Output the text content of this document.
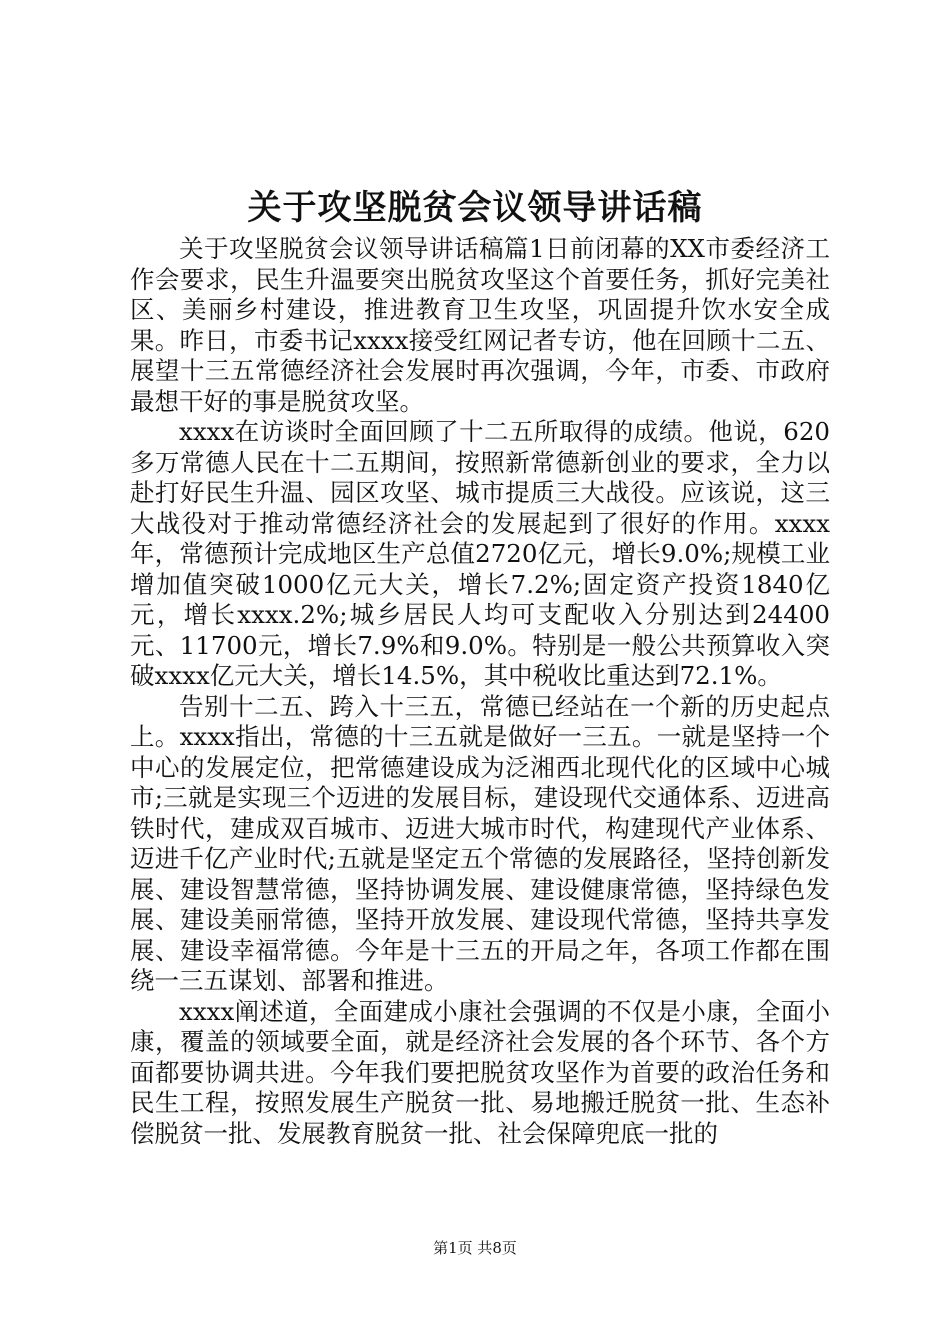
关于攻坚脱贫会议领导讲话稿

关于攻坚脱贫会议领导讲话稿篇1日前闭幕的XX市委经济工作会要求，民生升温要突出脱贫攻坚这个首要任务，抓好完美社区、美丽乡村建设，推进教育卫生攻坚，巩固提升饮水安全成果。昨日，市委书记xxxx接受红网记者专访，他在回顾十二五、展望十三五常德经济社会发展时再次强调，今年，市委、市政府最想干好的事是脱贫攻坚。

xxxx在访谈时全面回顾了十二五所取得的成绩。他说，620多万常德人民在十二五期间，按照新常德新创业的要求，全力以赴打好民生升温、园区攻坚、城市提质三大战役。应该说，这三大战役对于推动常德经济社会的发展起到了很好的作用。xxxx年，常德预计完成地区生产总值2720亿元，增长9.0%;规模工业增加值突破1000亿元大关，增长7.2%;固定资产投资1840亿元，增长xxxx.2%;城乡居民人均可支配收入分别达到24400元、11700元，增长7.9%和9.0%。特别是一般公共预算收入突破xxxx亿元大关，增长14.5%，其中税收比重达到72.1%。

告别十二五、跨入十三五，常德已经站在一个新的历史起点上。xxxx指出，常德的十三五就是做好一三五。一就是坚持一个中心的发展定位，把常德建设成为泛湘西北现代化的区域中心城市;三就是实现三个迈进的发展目标，建设现代交通体系、迈进高铁时代，建成双百城市、迈进大城市时代，构建现代产业体系、迈进千亿产业时代;五就是坚定五个常德的发展路径，坚持创新发展、建设智慧常德，坚持协调发展、建设健康常德，坚持绿色发展、建设美丽常德，坚持开放发展、建设现代常德，坚持共享发展、建设幸福常德。今年是十三五的开局之年，各项工作都在围绕一三五谋划、部署和推进。

xxxx阐述道，全面建成小康社会强调的不仅是小康，全面小康，覆盖的领域要全面，就是经济社会发展的各个环节、各个方面都要协调共进。今年我们要把脱贫攻坚作为首要的政治任务和民生工程，按照发展生产脱贫一批、易地搬迁脱贫一批、生态补偿脱贫一批、发展教育脱贫一批、社会保障兜底一批的

第1页 共8页
